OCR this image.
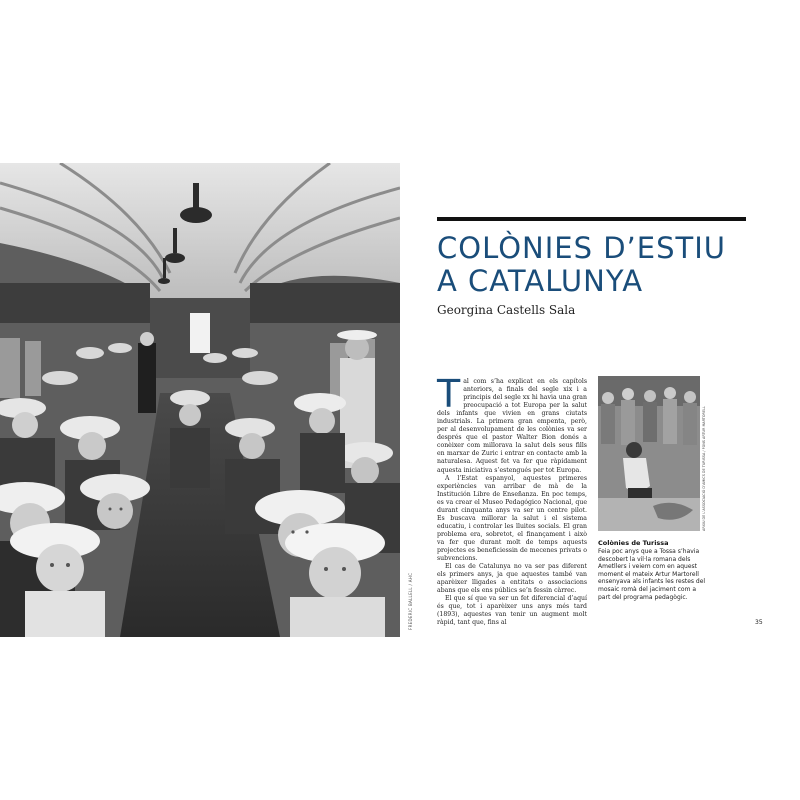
FREDERIC BALLELL / AHC
COLÒNIES D’ESTIU
A CATALUNYA
Georgina Castells Sala

Tal com s’ha explicat en els capítols anteriors, a finals del segle xix i a principis del segle xx hi havia una gran preocupació a tot Europa per la salut dels infants que vivien en grans ciutats industrials. La primera gran empenta, però, per al desenvolupament de les colònies va ser després que el pastor Walter Bion donés a conèixer com millorava la salut dels seus fills en marxar de Zuric i entrar en contacte amb la naturalesa. Aquest fet va fer que ràpidament aquesta iniciativa s’estengués per tot Europa.

A l’Estat espanyol, aquestes primeres experiències van arribar de mà de la Institución Libre de Enseñanza. En poc temps, es va crear el Museo Pedagógico Nacional, que durant cinquanta anys va ser un centre pilot. Es buscava millorar la salut i el sistema educatiu, i controlar les lluites socials. El gran problema era, sobretot, el finançament i això va fer que durant molt de temps aquests projectes es beneficiessin de mecenes privats o subvencions.

El cas de Catalunya no va ser pas diferent els primers anys, ja que aquestes també van aparèixer lligades a entitats o associacions abans que els ens públics se’n fessin càrrec.

El que sí que va ser un fet diferencial d’aquí és que, tot i aparèixer uns anys més tard (1893), aquestes van tenir un augment molt ràpid, tant que, fins al

ARXIU DE L’ASSOCIACIÓ D’AMICS DE TURISSA / FONS ARTUR MARTORELL
Colònies de Turissa
Feia poc anys que a Tossa s’havia descobert la vil·la romana dels Ametllers i veiem com en aquest moment el mateix Artur Martorell ensenyava als infants les restes del mosaic romà del jaciment com a part del programa pedagògic.
35
